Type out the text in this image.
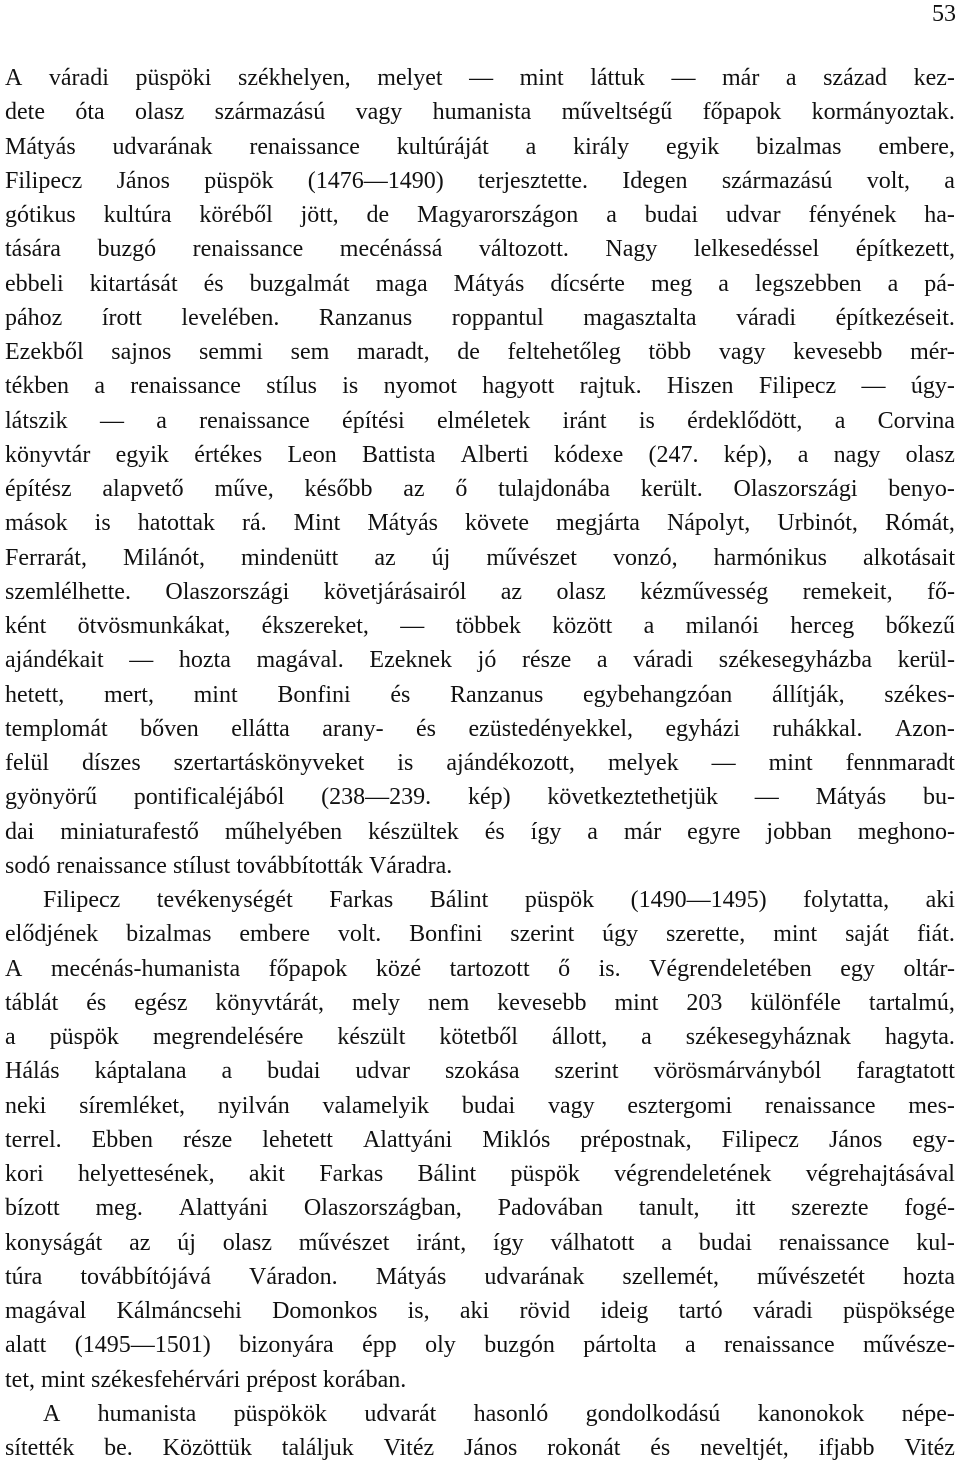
53
A váradi püspöki székhelyen, melyet — mint láttuk — már a század kez-
dete óta olasz származású vagy humanista műveltségű főpapok kormányoztak.
Mátyás udvarának renaissance kultúráját a király egyik bizalmas embere,
Filipecz János püspök (1476—1490) terjesztette. Idegen származású volt, a
gótikus kultúra köréből jött, de Magyarországon a budai udvar fényének ha-
tására buzgó renaissance mecénássá változott. Nagy lelkesedéssel építkezett,
ebbeli kitartását és buzgalmát maga Mátyás dícsérte meg a legszebben a pá-
pához írott levelében. Ranzanus roppantul magasztalta váradi építkezéseit.
Ezekből sajnos semmi sem maradt, de feltehetőleg több vagy kevesebb mér-
tékben a renaissance stílus is nyomot hagyott rajtuk. Hiszen Filipecz — úgy-
látszik — a renaissance építési elméletek iránt is érdeklődött, a Corvina
könyvtár egyik értékes Leon Battista Alberti kódexe (247. kép), a nagy olasz
építész alapvető műve, később az ő tulajdonába került. Olaszországi benyo-
mások is hatottak rá. Mint Mátyás követe megjárta Nápolyt, Urbinót, Rómát,
Ferrarát, Milánót, mindenütt az új művészet vonzó, harmónikus alkotásait
szemlélhette. Olaszországi követjárásairól az olasz kézművesség remekeit, fő-
ként ötvösmunkákat, ékszereket, — többek között a milanói herceg bőkezű
ajándékait — hozta magával. Ezeknek jó része a váradi székesegyházba kerül-
hetett, mert, mint Bonfini és Ranzanus egybehangzóan állítják, székes-
templomát bőven ellátta arany- és ezüstedényekkel, egyházi ruhákkal. Azon-
felül díszes szertartáskönyveket is ajándékozott, melyek — mint fennmaradt
gyönyörű pontificaléjából (238—239. kép) következtethetjük — Mátyás bu-
dai miniaturafestő műhelyében készültek és így a már egyre jobban meghono-
sodó renaissance stílust továbbították Váradra.
Filipecz tevékenységét Farkas Bálint püspök (1490—1495) folytatta, aki
elődjének bizalmas embere volt. Bonfini szerint úgy szerette, mint saját fiát.
A mecénás-humanista főpapok közé tartozott ő is. Végrendeletében egy oltár-
táblát és egész könyvtárát, mely nem kevesebb mint 203 különféle tartalmú,
a püspök megrendelésére készült kötetből állott, a székesegyháznak hagyta.
Hálás káptalana a budai udvar szokása szerint vörösmárványból faragtatott
neki síremléket, nyilván valamelyik budai vagy esztergomi renaissance mes-
terrel. Ebben része lehetett Alattyáni Miklós prépostnak, Filipecz János egy-
kori helyettesének, akit Farkas Bálint püspök végrendeletének végrehajtásával
bízott meg. Alattyáni Olaszországban, Padovában tanult, itt szerezte fogé-
konyságát az új olasz művészet iránt, így válhatott a budai renaissance kul-
túra továbbítójává Váradon. Mátyás udvarának szellemét, művészetét hozta
magával Kálmáncsehi Domonkos is, aki rövid ideig tartó váradi püspöksége
alatt (1495—1501) bizonyára épp oly buzgón pártolta a renaissance művésze-
tet, mint székesfehérvári prépost korában.
A humanista püspökök udvarát hasonló gondolkodású kanonokok népe-
sítették be. Közöttük találjuk Vitéz János rokonát és neveltjét, ifjabb Vitéz
